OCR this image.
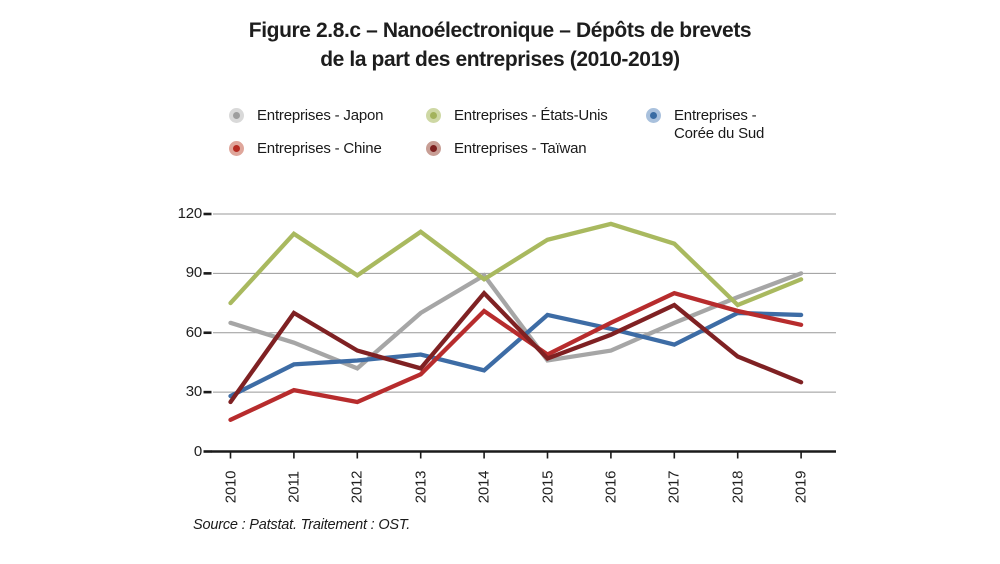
Figure 2.8.c – Nanoélectronique – Dépôts de brevets
de la part des entreprises (2010-2019)
Entreprises - Japon	Entreprises - États-Unis	Entreprises - Corée du Sud
Entreprises - Chine	Entreprises - Taïwan
0
30
60
90
120
2010	2011	2012	2013	2014	2015	2016	2017	2018	2019
Source : Patstat. Traitement : OST.
